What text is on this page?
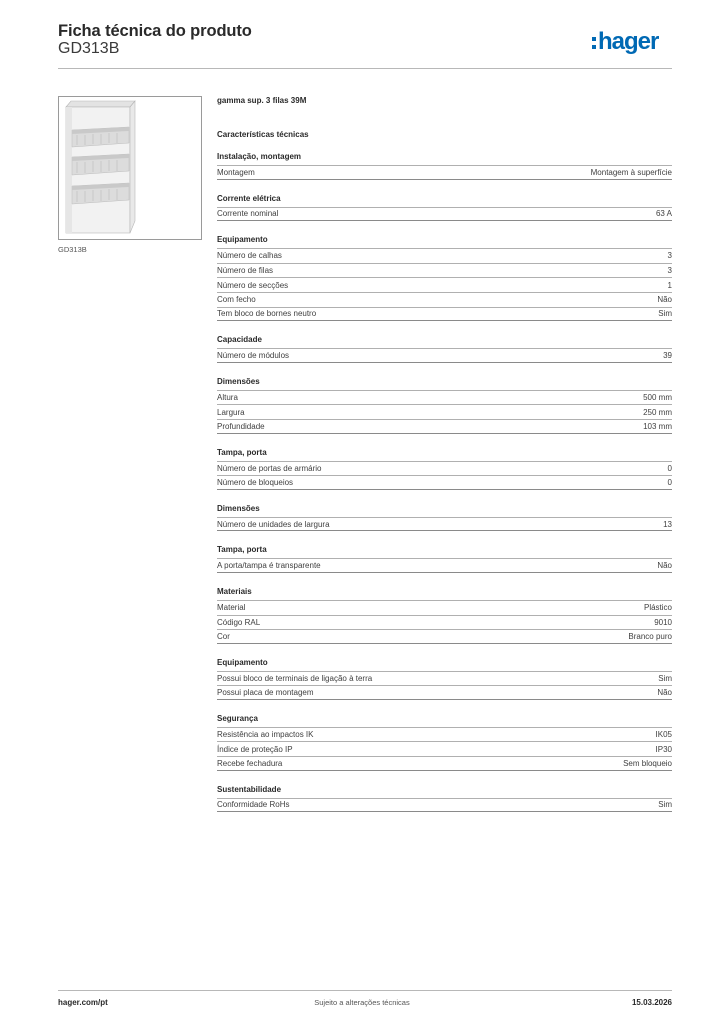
Ficha técnica do produto
GD313B	hager
GD313B
gamma sup. 3 filas 39M
Características técnicas
Instalação, montagem
Montagem	Montagem à superfície
Corrente elétrica
Corrente nominal	63 A
Equipamento
Número de calhas	3
Número de filas	3
Número de secções	1
Com fecho	Não
Tem bloco de bornes neutro	Sim
Capacidade
Número de módulos	39
Dimensões
Altura	500 mm
Largura	250 mm
Profundidade	103 mm
Tampa, porta
Número de portas de armário	0
Número de bloqueios	0
Dimensões
Número de unidades de largura	13
Tampa, porta
A porta/tampa é transparente	Não
Materiais
Material	Plástico
Código RAL	9010
Cor	Branco puro
Equipamento
Possui bloco de terminais de ligação à terra	Sim
Possui placa de montagem	Não
Segurança
Resistência ao impactos IK	IK05
Índice de proteção IP	IP30
Recebe fechadura	Sem bloqueio
Sustentabilidade
Conformidade RoHs	Sim
hager.com/pt	Sujeito a alterações técnicas	15.03.2026
